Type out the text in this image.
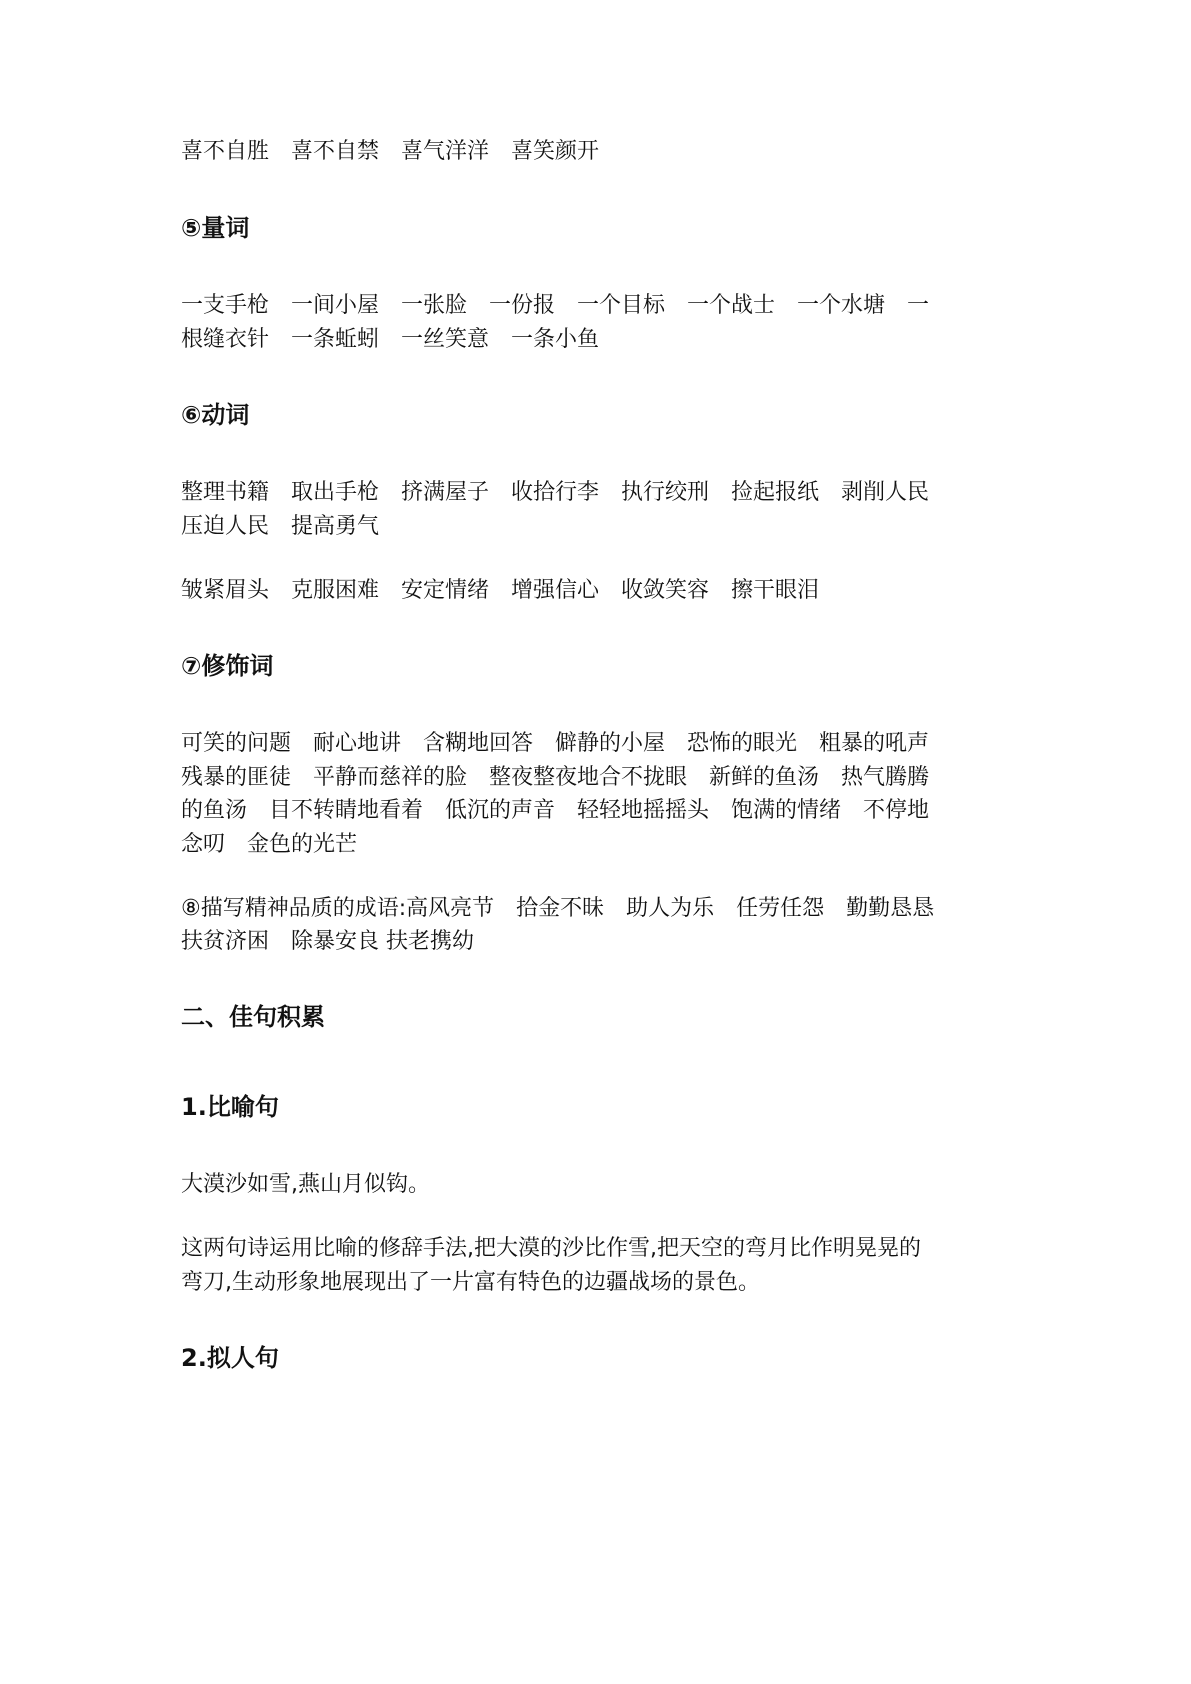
喜不自胜　喜不自禁　喜气洋洋　喜笑颜开
⑤量词
一支手枪　一间小屋　一张脸　一份报　一个目标　一个战士　一个水塘　一
根缝衣针　一条蚯蚓　一丝笑意　一条小鱼
⑥动词
整理书籍　取出手枪　挤满屋子　收拾行李　执行绞刑　捡起报纸　剥削人民
压迫人民　提高勇气
皱紧眉头　克服困难　安定情绪　增强信心　收敛笑容　擦干眼泪
⑦修饰词
可笑的问题　耐心地讲　含糊地回答　僻静的小屋　恐怖的眼光　粗暴的吼声
残暴的匪徒　平静而慈祥的脸　整夜整夜地合不拢眼　新鲜的鱼汤　热气腾腾
的鱼汤　目不转睛地看着　低沉的声音　轻轻地摇摇头　饱满的情绪　不停地
念叨　金色的光芒
⑧描写精神品质的成语:高风亮节　拾金不昧　助人为乐　任劳任怨　勤勤恳恳
扶贫济困　除暴安良 扶老携幼
二、佳句积累
1.比喻句
大漠沙如雪,燕山月似钩。
这两句诗运用比喻的修辞手法,把大漠的沙比作雪,把天空的弯月比作明晃晃的
弯刀,生动形象地展现出了一片富有特色的边疆战场的景色。
2.拟人句
